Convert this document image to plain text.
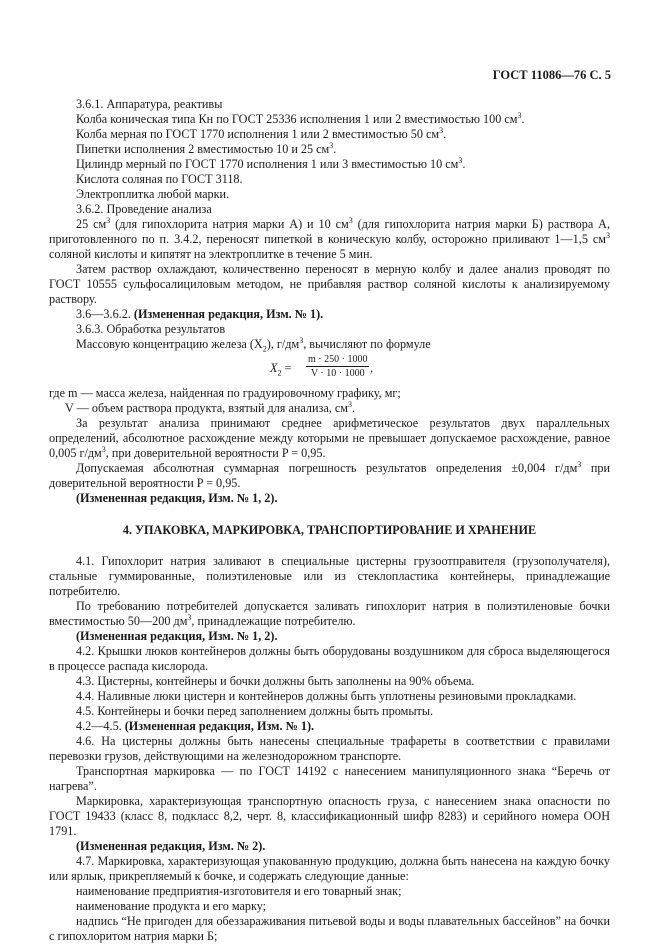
ГОСТ 11086—76 С. 5

3.6.1. Аппаратура, реактивы

Колба коническая типа Кн по ГОСТ 25336 исполнения 1 или 2 вместимостью 100 $см^3$.

Колба мерная по ГОСТ 1770 исполнения 1 или 2 вместимостью 50 $см^3$.

Пипетки исполнения 2 вместимостью 10 и 25 $см^3$.

Цилиндр мерный по ГОСТ 1770 исполнения 1 или 3 вместимостью 10 $см^3$.

Кислота соляная по ГОСТ 3118.

Электроплитка любой марки.

3.6.2. Проведение анализа

25 $см^3$ (для гипохлорита натрия марки А) и 10 $см^3$ (для гипохлорита натрия марки Б) раствора А, приготовленного по п. 3.4.2, переносят пипеткой в коническую колбу, осторожно приливают 1—1,5 $см^3$ соляной кислоты и кипятят на электроплитке в течение 5 мин.

Затем раствор охлаждают, количественно переносят в мерную колбу и далее анализ проводят по ГОСТ 10555 сульфосалициловым методом, не прибавляя раствор соляной кислоты к анализируемому раствору.

3.6—3.6.2. (Измененная редакция, Изм. № 1).

3.6.3. Обработка результатов

Массовую концентрацию железа $(X_2)$, $г/дм^3$, вычисляют по формуле

$X_2 = \frac{m \cdot 250 \cdot 1000}{V \cdot 10 \cdot 1000}$ ,

где m — масса железа, найденная по градуировочному графику, мг;

V — объем раствора продукта, взятый для анализа, $см^3$.

За результат анализа принимают среднее арифметическое результатов двух параллельных определений, абсолютное расхождение между которыми не превышает допускаемое расхождение, равное 0,005 $г/дм^3$, при доверительной вероятности P = 0,95.

Допускаемая абсолютная суммарная погрешность результатов определения ±0,004 $г/дм^3$ при доверительной вероятности P = 0,95.

(Измененная редакция, Изм. № 1, 2).

4. УПАКОВКА, МАРКИРОВКА, ТРАНСПОРТИРОВАНИЕ И ХРАНЕНИЕ

4.1. Гипохлорит натрия заливают в специальные цистерны грузоотправителя (грузополучателя), стальные гуммированные, полиэтиленовые или из стеклопластика контейнеры, принадлежащие потребителю.

По требованию потребителей допускается заливать гипохлорит натрия в полиэтиленовые бочки вместимостью 50—200 $дм^3$, принадлежащие потребителю.

(Измененная редакция, Изм. № 1, 2).

4.2. Крышки люков контейнеров должны быть оборудованы воздушником для сброса выделяющегося в процессе распада кислорода.

4.3. Цистерны, контейнеры и бочки должны быть заполнены на 90% объема.

4.4. Наливные люки цистерн и контейнеров должны быть уплотнены резиновыми прокладками.

4.5. Контейнеры и бочки перед заполнением должны быть промыты.

4.2—4.5. (Измененная редакция, Изм. № 1).

4.6. На цистерны должны быть нанесены специальные трафареты в соответствии с правилами перевозки грузов, действующими на железнодорожном транспорте.

Транспортная маркировка — по ГОСТ 14192 с нанесением манипуляционного знака “Беречь от нагрева”.

Маркировка, характеризующая транспортную опасность груза, с нанесением знака опасности по ГОСТ 19433 (класс 8, подкласс 8,2, черт. 8, классификационный шифр 8283) и серийного номера ООН 1791.

(Измененная редакция, Изм. № 2).

4.7. Маркировка, характеризующая упакованную продукцию, должна быть нанесена на каждую бочку или ярлык, прикрепляемый к бочке, и содержать следующие данные:

наименование предприятия-изготовителя и его товарный знак;

наименование продукта и его марку;

надпись “Не пригоден для обеззараживания питьевой воды и воды плавательных бассейнов” на бочки с гипохлоритом натрия марки Б;
